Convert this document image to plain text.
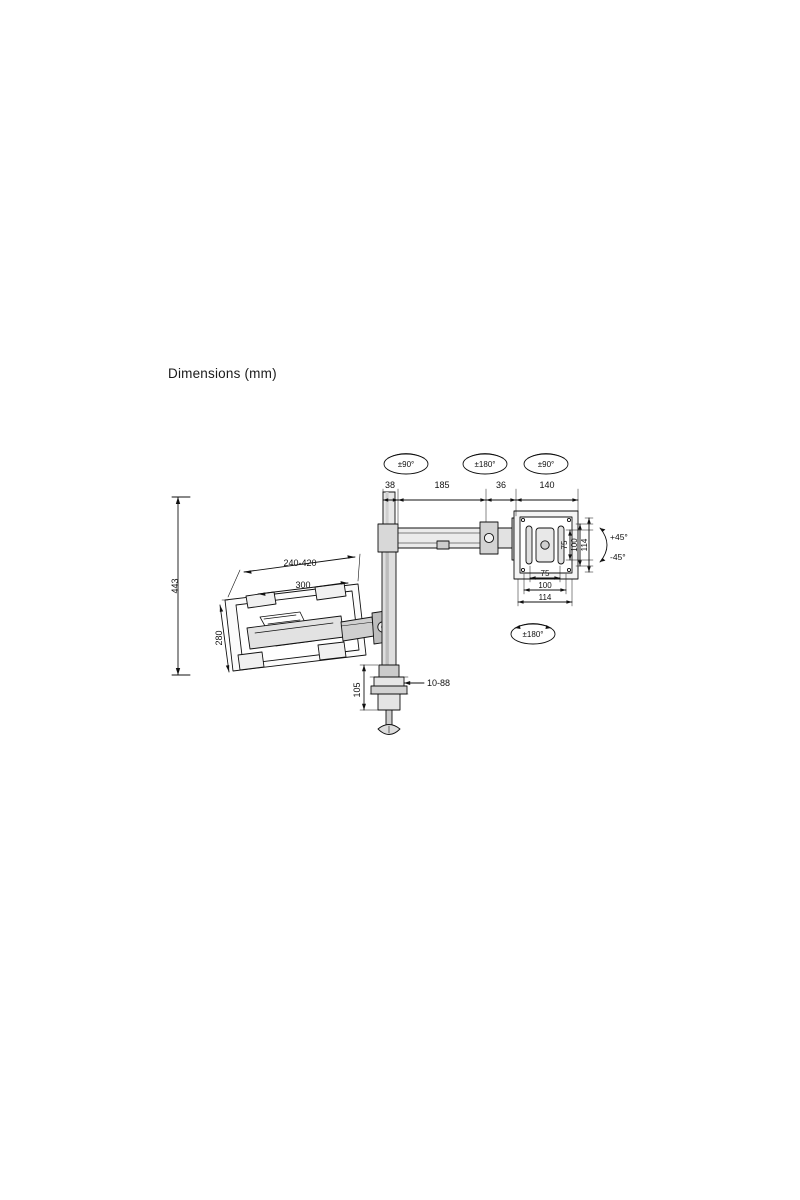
Dimensions (mm)
443
38	185	36	140
±90°	±180°	±90°
±180°
+45°
-45°
75 100 114
75
100
114
240-420
300
280
105	10-88
